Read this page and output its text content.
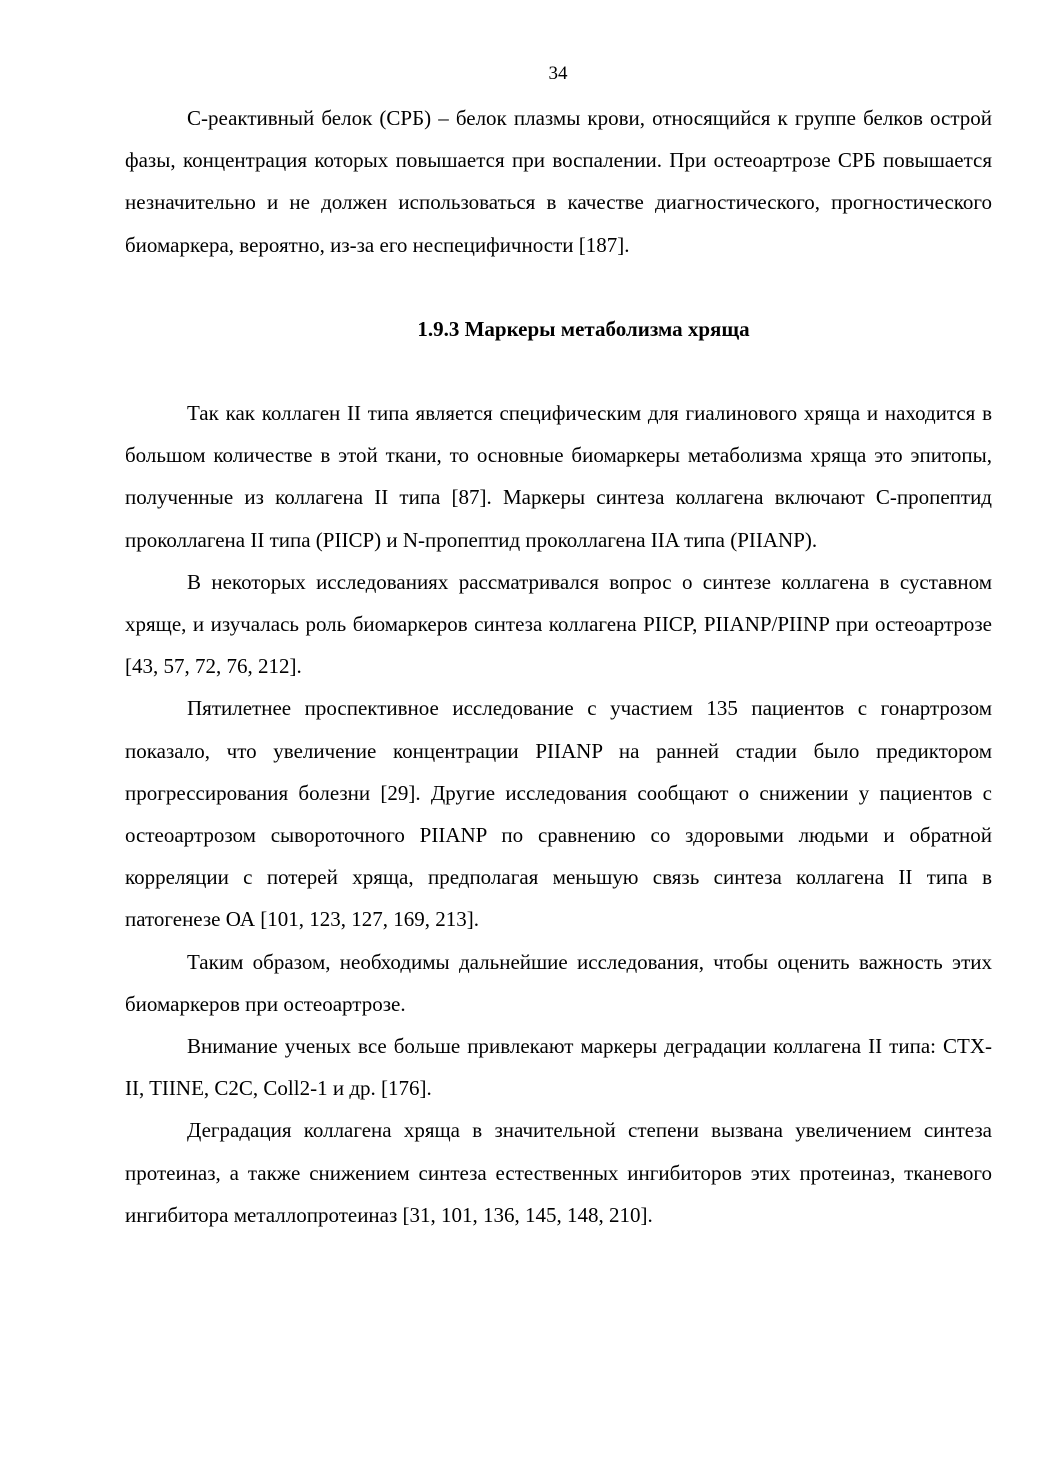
34

С-реактивный белок (СРБ) – белок плазмы крови, относящийся к группе белков острой фазы, концентрация которых повышается при воспалении. При остеоартрозе СРБ повышается незначительно и не должен использоваться в качестве диагностического, прогностического биомаркера, вероятно, из-за его неспецифичности [187].

1.9.3 Маркеры метаболизма хряща

Так как коллаген II типа является специфическим для гиалинового хряща и находится в большом количестве в этой ткани, то основные биомаркеры метаболизма хряща это эпитопы, полученные из коллагена II типа [87]. Маркеры синтеза коллагена включают С-пропептид проколлагена II типа (PIICP) и N-пропептид проколлагена IIA типа (PIIANP).

В некоторых исследованиях рассматривался вопрос о синтезе коллагена в суставном хряще, и изучалась роль биомаркеров синтеза коллагена PIICP, PIIANP/PIINP при остеоартрозе [43, 57, 72, 76, 212].

Пятилетнее проспективное исследование с участием 135 пациентов с гонартрозом показало, что увеличение концентрации PIIANP на ранней стадии было предиктором прогрессирования болезни [29]. Другие исследования сообщают о снижении у пациентов с остеоартрозом сывороточного PIIANP по сравнению со здоровыми людьми и обратной корреляции с потерей хряща, предполагая меньшую связь синтеза коллагена II типа в патогенезе ОА [101, 123, 127, 169, 213].

Таким образом, необходимы дальнейшие исследования, чтобы оценить важность этих биомаркеров при остеоартрозе.

Внимание ученых все больше привлекают маркеры деградации коллагена II типа: CTX-II, TIINE, C2C, Coll2-1 и др. [176].

Деградация коллагена хряща в значительной степени вызвана увеличением синтеза протеиназ, а также снижением синтеза естественных ингибиторов этих протеиназ, тканевого ингибитора металлопротеиназ [31, 101, 136, 145, 148, 210].
